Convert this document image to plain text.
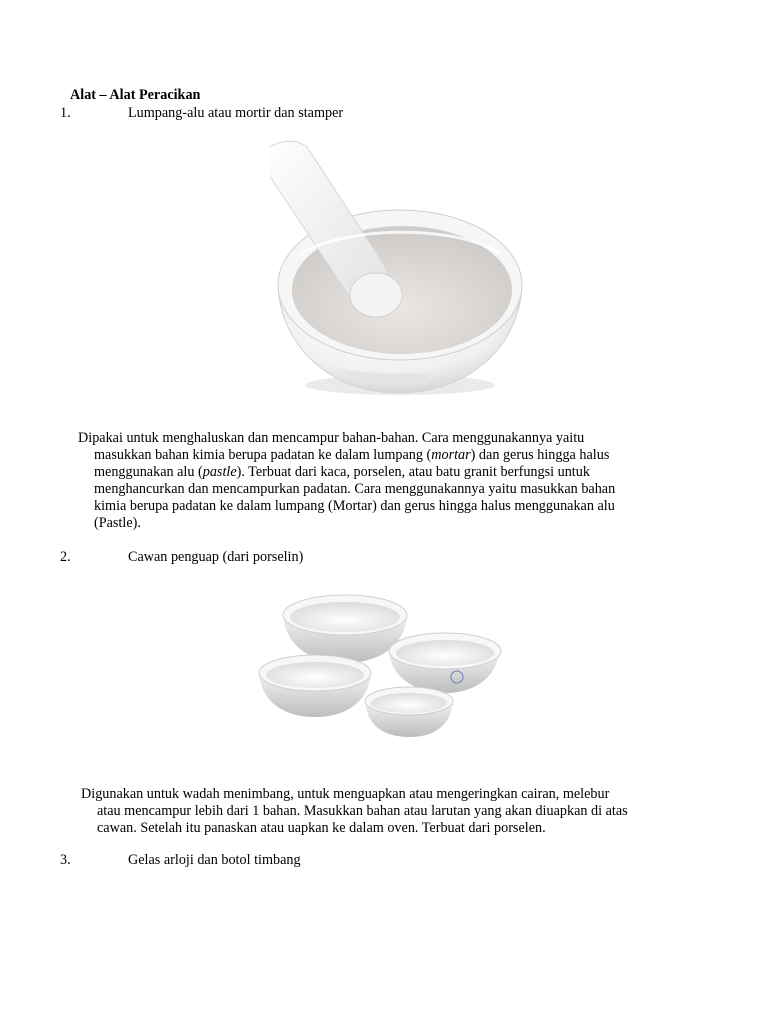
Alat – Alat Peracikan
1.	Lumpang-alu atau mortir dan stamper
Dipakai untuk menghaluskan dan mencampur bahan-bahan. Cara menggunakannya yaitu
masukkan bahan kimia berupa padatan ke dalam lumpang (mortar) dan gerus hingga halus
menggunakan alu (pastle). Terbuat dari kaca, porselen, atau batu granit berfungsi untuk
menghancurkan dan mencampurkan padatan. Cara menggunakannya yaitu masukkan bahan
kimia berupa padatan ke dalam lumpang (Mortar) dan gerus hingga halus menggunakan alu
(Pastle).
2.	Cawan penguap (dari porselin)
Digunakan untuk wadah menimbang, untuk menguapkan atau mengeringkan cairan, melebur
atau mencampur lebih dari 1 bahan. Masukkan bahan atau larutan yang akan diuapkan di atas
cawan. Setelah itu panaskan atau uapkan ke dalam oven. Terbuat dari porselen.
3.	Gelas arloji dan botol timbang
